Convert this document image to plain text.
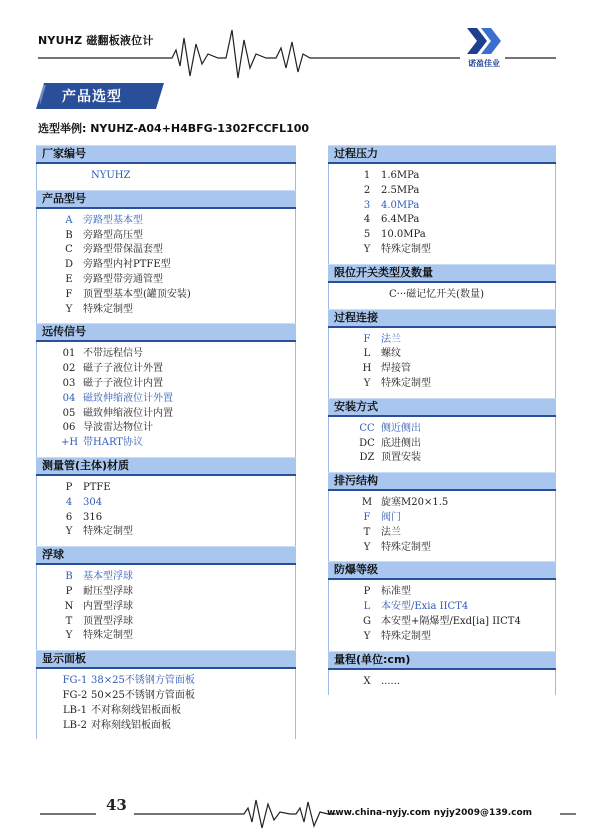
NYUHZ 磁翻板液位计
诺盈佳业
产品选型
选型举例: NYUHZ-A04+H4BFG-1302FCCFL100
厂家编号
NYUHZ
产品型号
A	旁路型基本型
B	旁路型高压型
C	旁路型带保温套型
D 旁路型内衬PTFE型
E	旁路型带旁通管型
F	顶置型基本型(罐顶安装)
Y	特殊定制型
远传信号
01 不带远程信号
02 磁子子液位计外置
03 磁子子液位计内置
04 磁致伸缩液位计外置
05 磁致伸缩液位计内置
06 导波雷达物位计
+H 带HART协议
测量管(主体)材质
P	PTFE
4	304
6	316
Y	特殊定制型
浮球
B	基本型浮球
P	耐压型浮球
N 内置型浮球
T	顶置型浮球
Y	特殊定制型
显示面板
FG-1 38×25不锈钢方管面板
FG-2 50×25不锈钢方管面板
LB-1 不对称刻线铝板面板
LB-2 对称刻线铝板面板
过程压力
1	1.6MPa
2	2.5MPa
3	4.0MPa
4	6.4MPa
5	10.0MPa
Y	特殊定制型
限位开关类型及数量
C···磁记忆开关(数量)
过程连接
F	法兰
L	螺纹
H 焊接管
Y	特殊定制型
安装方式
CC 侧近侧出
DC 底进侧出
DZ 顶置安装
排污结构
M 旋塞M20×1.5
F	阀门
T	法兰
Y	特殊定制型
防爆等级
P	标准型
L	本安型/Exia IICT4
G	本安型+隔爆型/Exd[ia] IICT4
Y	特殊定制型
量程(单位:cm)
X	......
43	www.china-nyjy.com nyjy2009@139.com
